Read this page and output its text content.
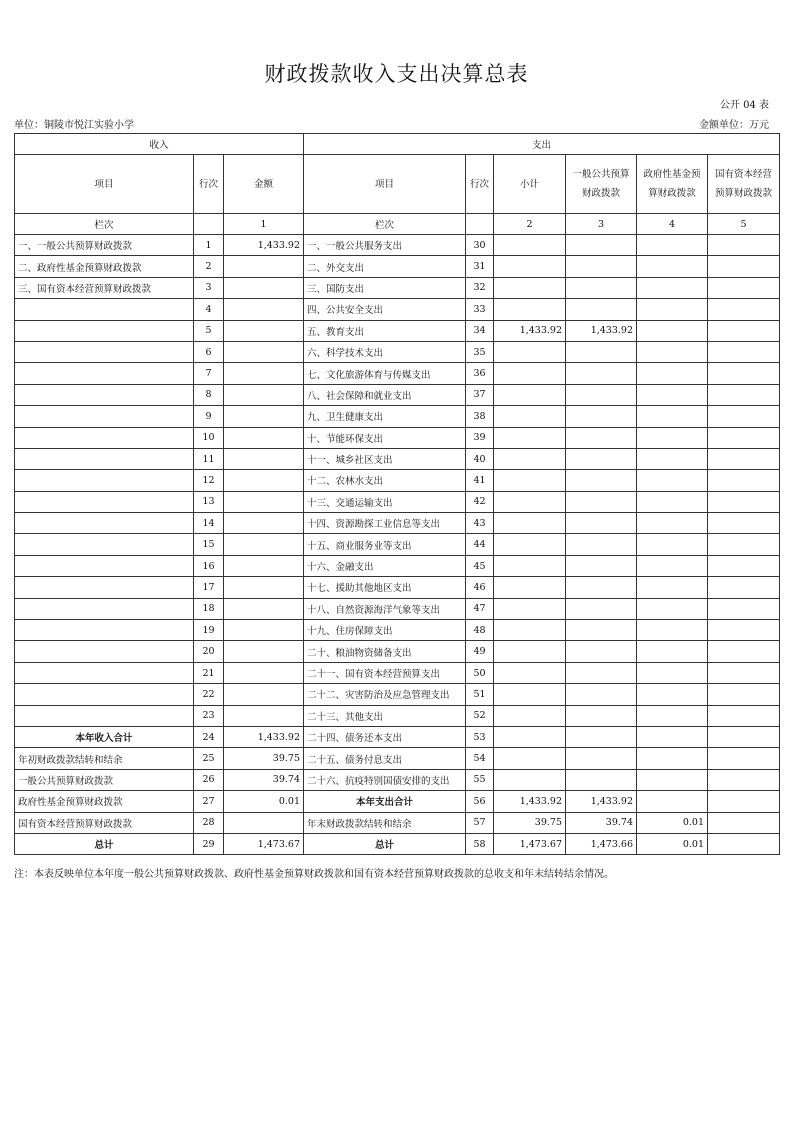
财政拨款收入支出决算总表
公开 04 表
单位：铜陵市悦江实验小学	金额单位：万元
收入			支出					
项目	行次	金额	项目	行次	小计	一般公共预算财政拨款	政府性基金预算财政拨款	国有资本经营预算财政拨款
栏次		1	栏次		2	3	4	5
一、一般公共预算财政拨款	1	1,433.92	一、一般公共服务支出	30				
二、政府性基金预算财政拨款	2		二、外交支出	31				
三、国有资本经营预算财政拨款	3		三、国防支出	32				
	4		四、公共安全支出	33				
	5		五、教育支出	34	1,433.92	1,433.92		
	6		六、科学技术支出	35				
	7		七、文化旅游体育与传媒支出	36				
	8		八、社会保障和就业支出	37				
	9		九、卫生健康支出	38				
	10		十、节能环保支出	39				
	11		十一、城乡社区支出	40				
	12		十二、农林水支出	41				
	13		十三、交通运输支出	42				
	14		十四、资源勘探工业信息等支出	43				
	15		十五、商业服务业等支出	44				
	16		十六、金融支出	45				
	17		十七、援助其他地区支出	46				
	18		十八、自然资源海洋气象等支出	47				
	19		十九、住房保障支出	48				
	20		二十、粮油物资储备支出	49				
	21		二十一、国有资本经营预算支出	50				
	22		二十二、灾害防治及应急管理支出	51				
	23		二十三、其他支出	52				
本年收入合计	24	1,433.92	二十四、债务还本支出	53				
年初财政拨款结转和结余	25	39.75	二十五、债务付息支出	54				
一般公共预算财政拨款	26	39.74	二十六、抗疫特别国债安排的支出	55				
政府性基金预算财政拨款	27	0.01	本年支出合计	56	1,433.92	1,433.92		
国有资本经营预算财政拨款	28		年末财政拨款结转和结余	57	39.75	39.74	0.01	
总计	29	1,473.67	总计	58	1,473.67	1,473.66	0.01	
注：本表反映单位本年度一般公共预算财政拨款、政府性基金预算财政拨款和国有资本经营预算财政拨款的总收支和年末结转结余情况。
